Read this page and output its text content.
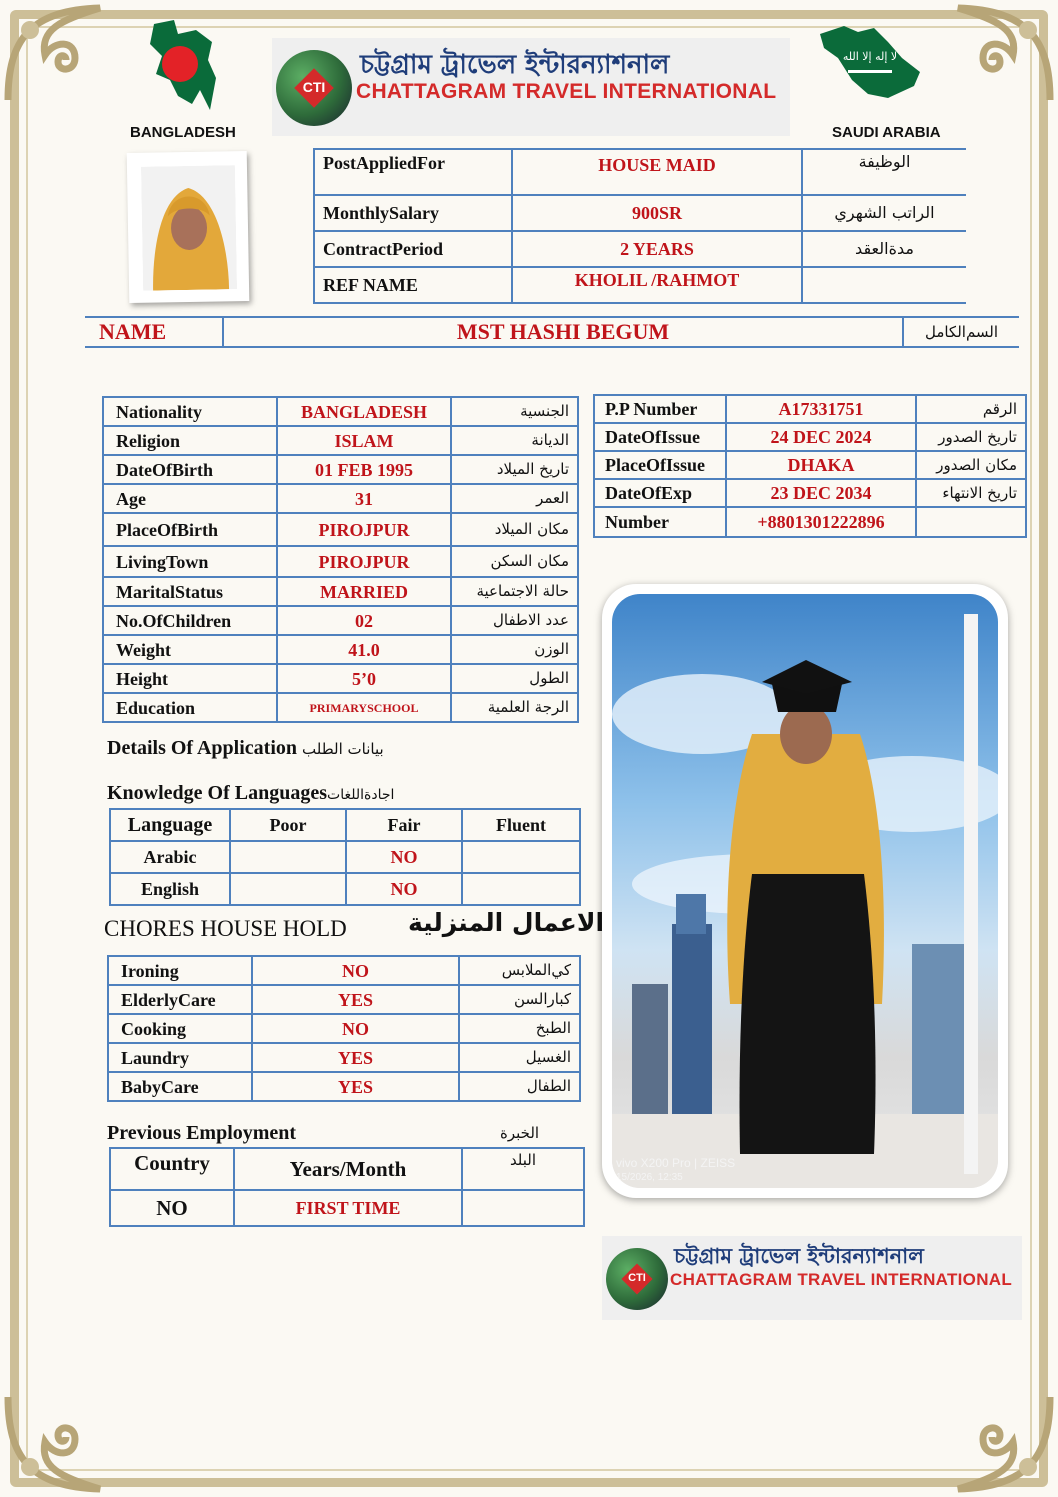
BANGLADESH
لا إله إلا الله
SAUDI ARABIA
CTI
চট্টগ্রাম ট্রাভেল ইন্টারন্যাশনাল
CHATTAGRAM TRAVEL INTERNATIONAL
PostAppliedFor	HOUSE MAID	الوظيفة
MonthlySalary	900SR	الراتب الشهري
ContractPeriod	2 YEARS	مدةالعقد
REF NAME	KHOLIL /RAHMOT	
NAME	MST HASHI BEGUM	السم‌الكامل
Nationality	BANGLADESH	الجنسية
Religion	ISLAM	الديانة
DateOfBirth	01 FEB 1995	تاريخ الميلاد
Age	31	العمر
PlaceOfBirth	PIROJPUR	مكان الميلاد
LivingTown	PIROJPUR	مكان السكن
MaritalStatus	MARRIED	حالة الاجتماعية
No.OfChildren	02	عدد الاطفال
Weight	41.0	الوزن
Height	5’0	الطول
Education	PRIMARYSCHOOL	الرجة العلمية
P.P Number	A17331751	الرقم
DateOfIssue	24 DEC 2024	تاريخ الصدور
PlaceOfIssue	DHAKA	مكان الصدور
DateOfExp	23 DEC 2034	تاريخ الانتهاء
Number	+8801301222896	
vivo X200 Pro | ZEISS
15/2026, 12:35
Details Of Application بيانات الطلب
Knowledge Of Languagesاجادةاللغات
Language	Poor	Fair	Fluent
Arabic		NO	
English		NO	
CHORES HOUSE HOLD الاعمال المنزلية
Ironing	NO	كي‌الملابس
ElderlyCare	YES	كبارالسن
Cooking	NO	الطبخ
Laundry	YES	الغسيل
BabyCare	YES	الطفال
Previous Employment	الخبرة
Country	Years/Month	البلد
NO	FIRST TIME	
CTI
চট্টগ্রাম ট্রাভেল ইন্টারন্যাশনাল
CHATTAGRAM TRAVEL INTERNATIONAL
